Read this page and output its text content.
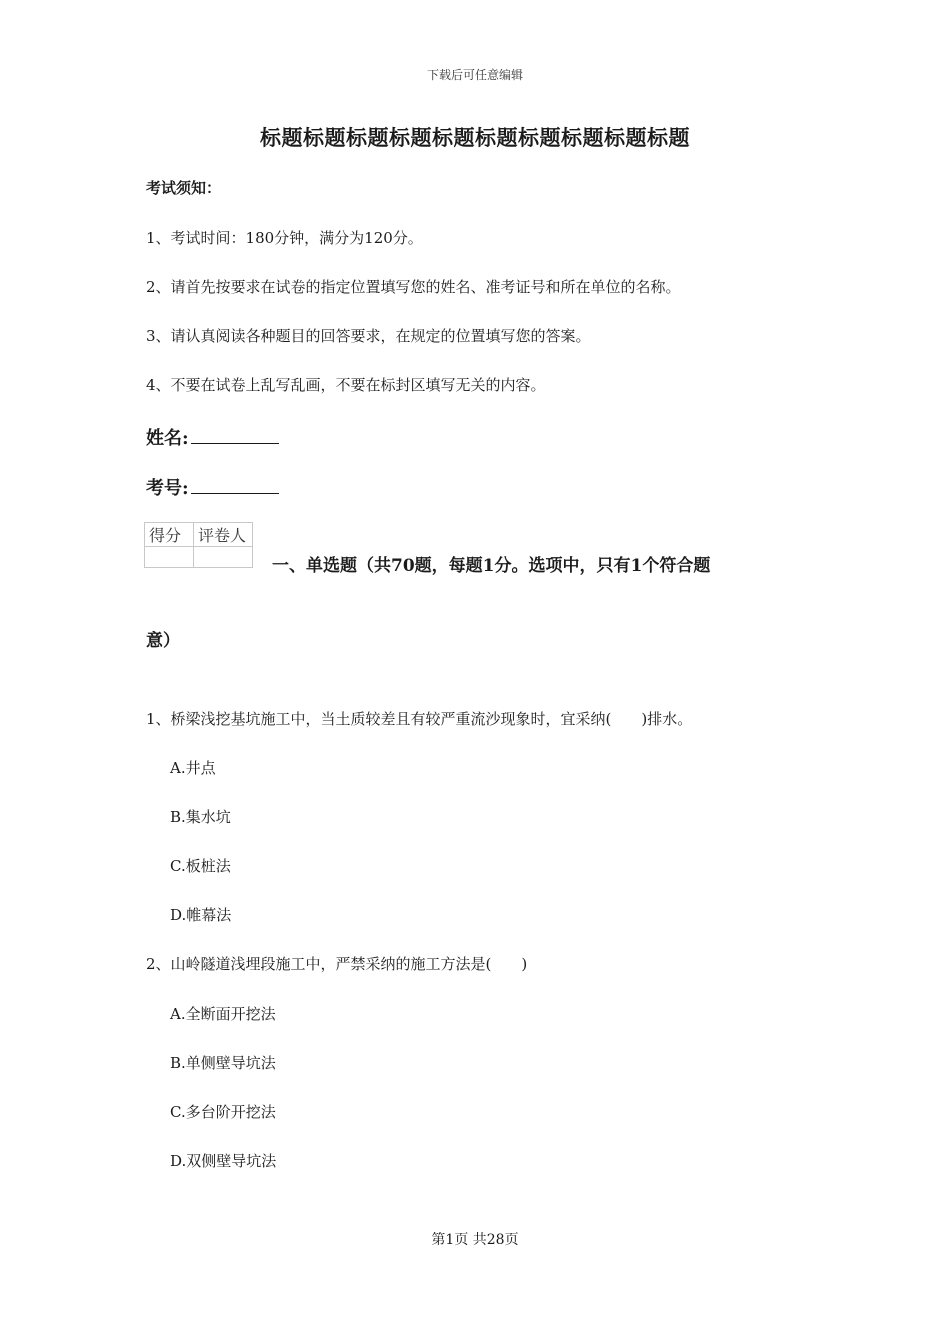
下载后可任意编辑
标题标题标题标题标题标题标题标题标题标题
考试须知：
1、考试时间：180分钟，满分为120分。
2、请首先按要求在试卷的指定位置填写您的姓名、准考证号和所在单位的名称。
3、请认真阅读各种题目的回答要求，在规定的位置填写您的答案。
4、不要在试卷上乱写乱画，不要在标封区填写无关的内容。
姓名:
考号:
得分	评卷人

一、单选题（共70题，每题1分。选项中，只有1个符合题
意）
1、桥梁浅挖基坑施工中，当土质较差且有较严重流沙现象时，宜采纳(　　)排水。
A.井点
B.集水坑
C.板桩法
D.帷幕法
2、山岭隧道浅埋段施工中，严禁采纳的施工方法是(　　)
A.全断面开挖法
B.单侧壁导坑法
C.多台阶开挖法
D.双侧壁导坑法
第1页 共28页
